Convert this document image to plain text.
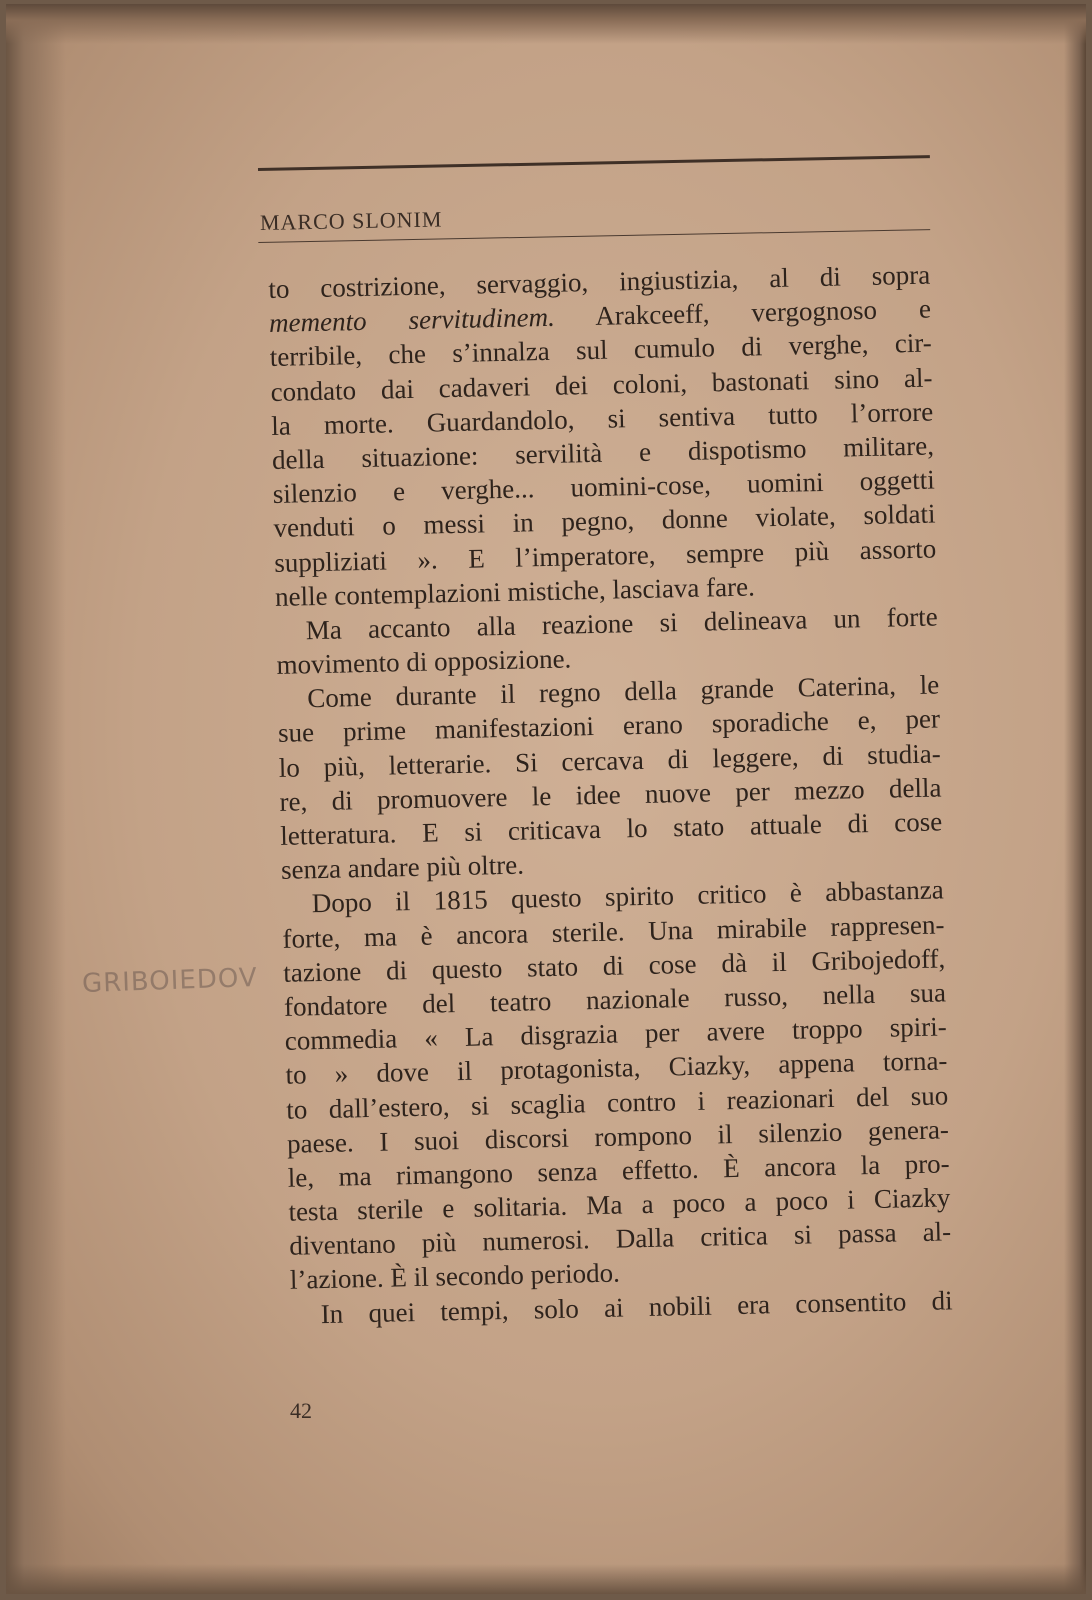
MARCO SLONIM
GRIBOIEDOV
to costrizione, servaggio, ingiustizia, al di sopra
memento servitudinem. Arakceeff, vergognoso e
terribile, che s’innalza sul cumulo di verghe, cir-
condato dai cadaveri dei coloni, bastonati sino al-
la morte. Guardandolo, si sentiva tutto l’orrore
della situazione: servilità e dispotismo militare,
silenzio e verghe... uomini-cose, uomini oggetti
venduti o messi in pegno, donne violate, soldati
suppliziati ». E l’imperatore, sempre più assorto
nelle contemplazioni mistiche, lasciava fare.
Ma accanto alla reazione si delineava un forte
movimento di opposizione.
Come durante il regno della grande Caterina, le
sue prime manifestazioni erano sporadiche e, per
lo più, letterarie. Si cercava di leggere, di studia-
re, di promuovere le idee nuove per mezzo della
letteratura. E si criticava lo stato attuale di cose
senza andare più oltre.
Dopo il 1815 questo spirito critico è abbastanza
forte, ma è ancora sterile. Una mirabile rappresen-
tazione di questo stato di cose dà il Gribojedoff,
fondatore del teatro nazionale russo, nella sua
commedia « La disgrazia per avere troppo spiri-
to » dove il protagonista, Ciazky, appena torna-
to dall’estero, si scaglia contro i reazionari del suo
paese. I suoi discorsi rompono il silenzio genera-
le, ma rimangono senza effetto. È ancora la pro-
testa sterile e solitaria. Ma a poco a poco i Ciazky
diventano più numerosi. Dalla critica si passa al-
l’azione. È il secondo periodo.
In quei tempi, solo ai nobili era consentito di
42
